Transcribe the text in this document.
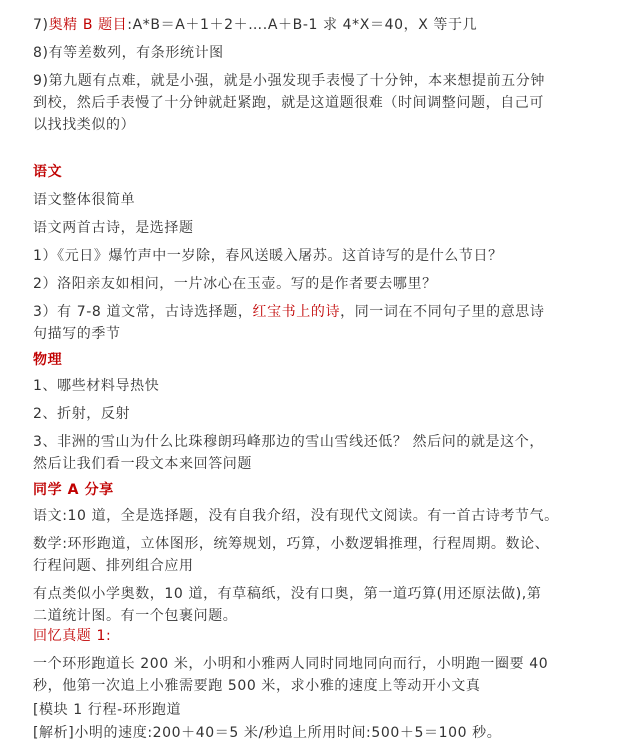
7)奥精 B 题目:A*B＝A＋1＋2＋….A＋B-1 求 4*X＝40，X 等于几
8)有等差数列，有条形统计图
9)第九题有点难，就是小强，就是小强发现手表慢了十分钟，本来想提前五分钟
到校，然后手表慢了十分钟就赶紧跑，就是这道题很难（时间调整问题，自己可
以找找类似的）
语文
语文整体很简单
语文两首古诗，是选择题
1）《元日》爆竹声中一岁除，春风送暖入屠苏。这首诗写的是什么节日？
2）洛阳亲友如相问，一片冰心在玉壶。写的是作者要去哪里？
3）有 7-8 道文常，古诗选择题，红宝书上的诗，同一词在不同句子里的意思诗
句描写的季节
物理
1、哪些材料导热快
2、折射，反射
3、非洲的雪山为什么比珠穆朗玛峰那边的雪山雪线还低？ 然后问的就是这个，
然后让我们看一段文本来回答问题
同学 A 分享
语文:10 道，全是选择题，没有自我介绍，没有现代文阅读。有一首古诗考节气。
数学:环形跑道，立体图形，统筹规划，巧算，小数逻辑推理，行程周期。数论、
行程问题、排列组合应用
有点类似小学奥数，10 道，有草稿纸，没有口奥，第一道巧算(用还原法做),第
二道统计图。有一个包裹问题。
回忆真题 1:
一个环形跑道长 200 米，小明和小雅两人同时同地同向而行，小明跑一圈要 40
秒，他第一次追上小雅需要跑 500 米，求小雅的速度上等动开小文真
[模块 1 行程-环形跑道
[解析]小明的速度:200＋40＝5 米/秒追上所用时间:500＋5＝100 秒。
